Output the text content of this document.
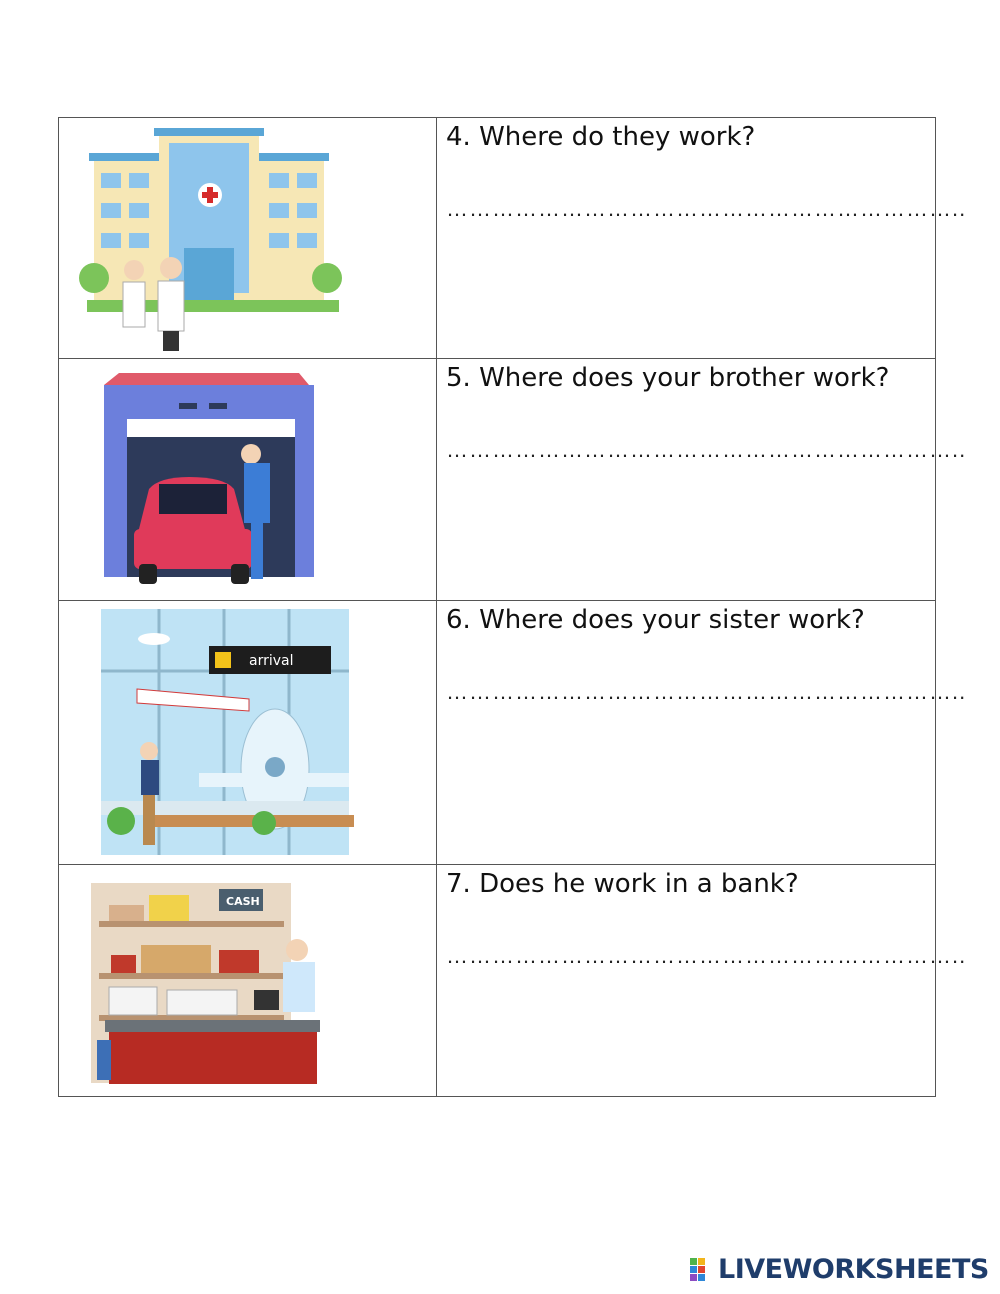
4. Where do they work?
…………………………………………………………..

5. Where does your brother work?
…………………………………………………………..

arrival	6. Where does your sister work?
…………………………………………………………..

CASH	7. Does he work in a bank?
…………………………………………………………..
LIVEWORKSHEETS
